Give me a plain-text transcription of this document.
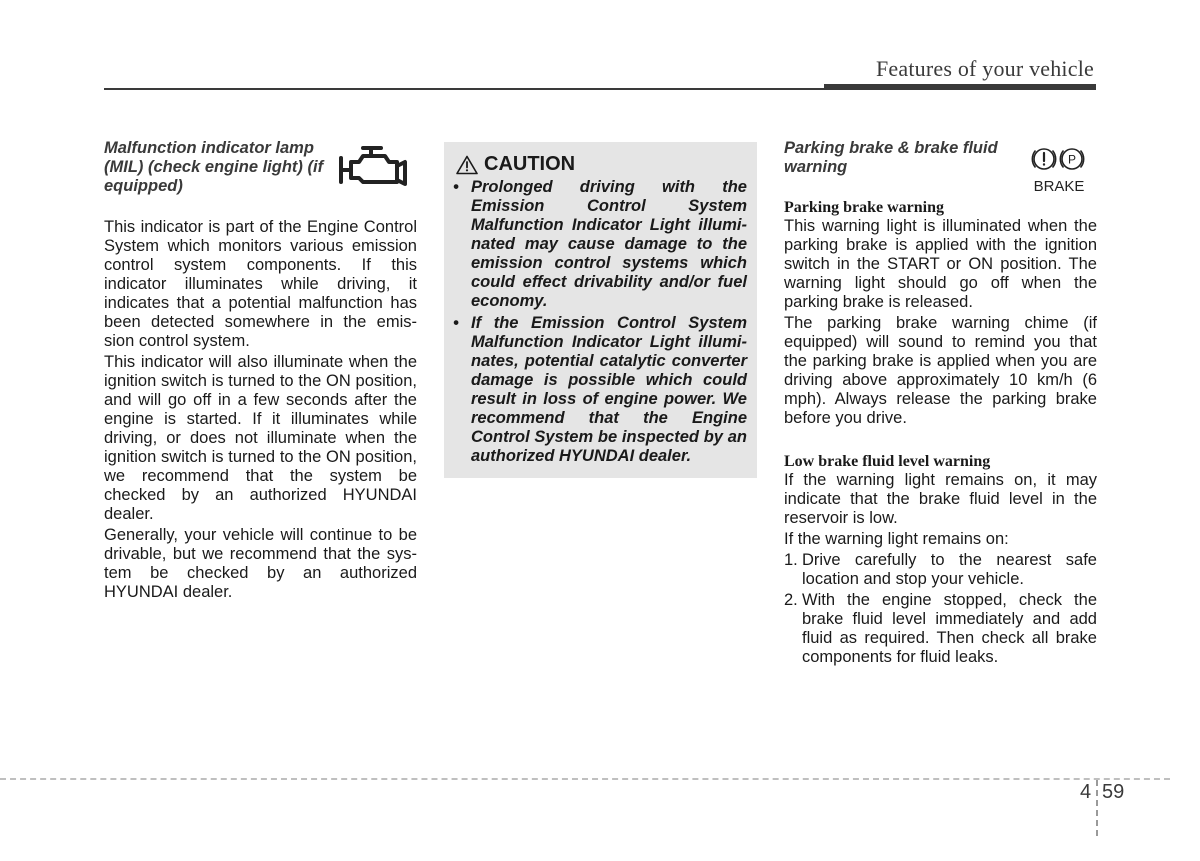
Features of your vehicle
Malfunction indicator lamp (MIL) (check engine light) (if equipped)

This indicator is part of the Engine Control System which monitors various emission control system components. If this indicator illuminates while driving, it indicates that a potential malfunction has been detected somewhere in the emis-sion control system.

This indicator will also illuminate when the ignition switch is turned to the ON position, and will go off in a few seconds after the engine is started. If it illuminates while driving, or does not illuminate when the ignition switch is turned to the ON position, we recommend that the system be checked by an authorized HYUNDAI dealer.

Generally, your vehicle will continue to be drivable, but we recommend that the sys-tem be checked by an authorized HYUNDAI dealer.

CAUTION
• Prolonged driving with the Emission Control System Malfunction Indicator Light illumi-nated may cause damage to the emission control systems which could effect drivability and/or fuel economy.
• If the Emission Control System Malfunction Indicator Light illumi-nates, potential catalytic converter damage is possible which could result in loss of engine power. We recommend that the Engine Control System be inspected by an authorized HYUNDAI dealer.
Parking brake & brake fluid warning	P
BRAKE

Parking brake warning

This warning light is illuminated when the parking brake is applied with the ignition switch in the START or ON position. The warning light should go off when the parking brake is released.

The parking brake warning chime (if equipped) will sound to remind you that the parking brake is applied when you are driving above approximately 10 km/h (6 mph). Always release the parking brake before you drive.

Low brake fluid level warning

If the warning light remains on, it may indicate that the brake fluid level in the reservoir is low.

If the warning light remains on:

1. Drive carefully to the nearest safe location and stop your vehicle.
2. With the engine stopped, check the brake fluid level immediately and add fluid as required. Then check all brake components for fluid leaks.
4 59
